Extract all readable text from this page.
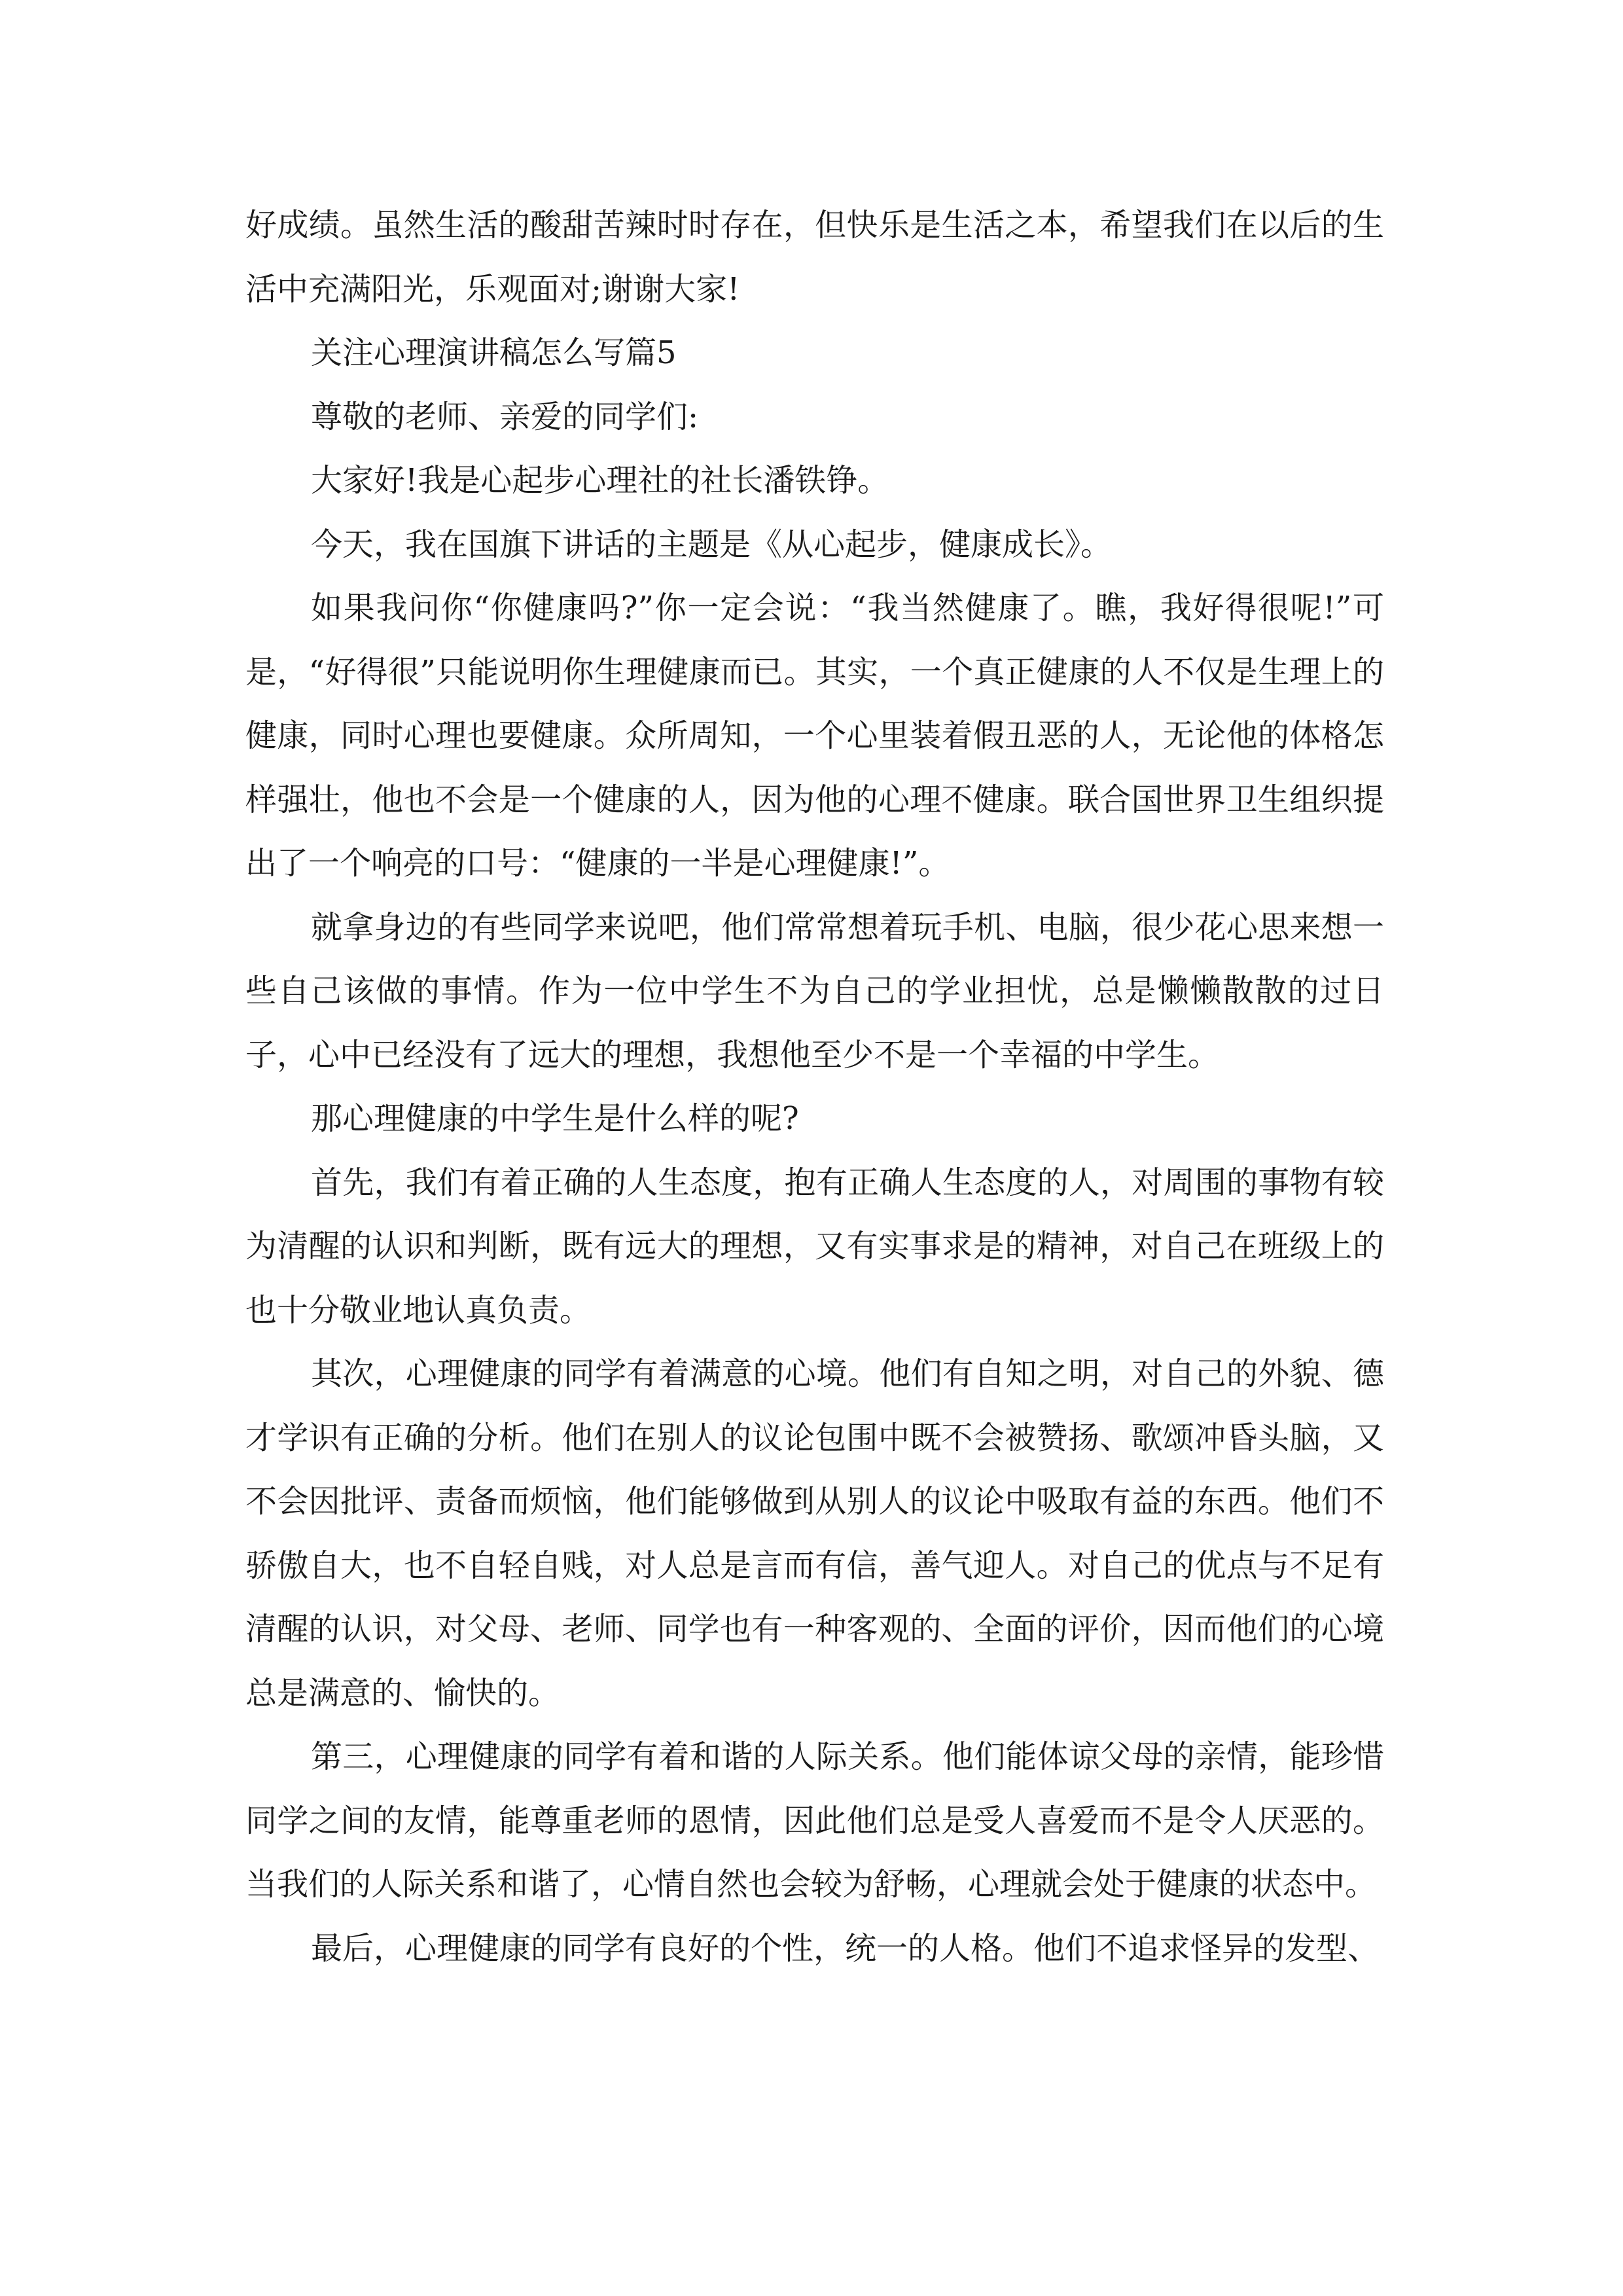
好成绩。虽然生活的酸甜苦辣时时存在，但快乐是生活之本，希望我们在以后的生活中充满阳光，乐观面对;谢谢大家!

关注心理演讲稿怎么写篇5

尊敬的老师、亲爱的同学们:

大家好!我是心起步心理社的社长潘铁铮。

今天，我在国旗下讲话的主题是《从心起步，健康成长》。

如果我问你“你健康吗?”你一定会说：“我当然健康了。瞧，我好得很呢!”可是，“好得很”只能说明你生理健康而已。其实，一个真正健康的人不仅是生理上的健康，同时心理也要健康。众所周知，一个心里装着假丑恶的人，无论他的体格怎样强壮，他也不会是一个健康的人，因为他的心理不健康。联合国世界卫生组织提出了一个响亮的口号：“健康的一半是心理健康!”。

就拿身边的有些同学来说吧，他们常常想着玩手机、电脑，很少花心思来想一些自己该做的事情。作为一位中学生不为自己的学业担忧，总是懒懒散散的过日子，心中已经没有了远大的理想，我想他至少不是一个幸福的中学生。

那心理健康的中学生是什么样的呢?

首先，我们有着正确的人生态度，抱有正确人生态度的人，对周围的事物有较为清醒的认识和判断，既有远大的理想，又有实事求是的精神，对自己在班级上的也十分敬业地认真负责。

其次，心理健康的同学有着满意的心境。他们有自知之明，对自己的外貌、德才学识有正确的分析。他们在别人的议论包围中既不会被赞扬、歌颂冲昏头脑，又不会因批评、责备而烦恼，他们能够做到从别人的议论中吸取有益的东西。他们不骄傲自大，也不自轻自贱，对人总是言而有信，善气迎人。对自己的优点与不足有清醒的认识，对父母、老师、同学也有一种客观的、全面的评价，因而他们的心境总是满意的、愉快的。

第三，心理健康的同学有着和谐的人际关系。他们能体谅父母的亲情，能珍惜同学之间的友情，能尊重老师的恩情，因此他们总是受人喜爱而不是令人厌恶的。当我们的人际关系和谐了，心情自然也会较为舒畅，心理就会处于健康的状态中。

最后，心理健康的同学有良好的个性，统一的人格。他们不追求怪异的发型、
